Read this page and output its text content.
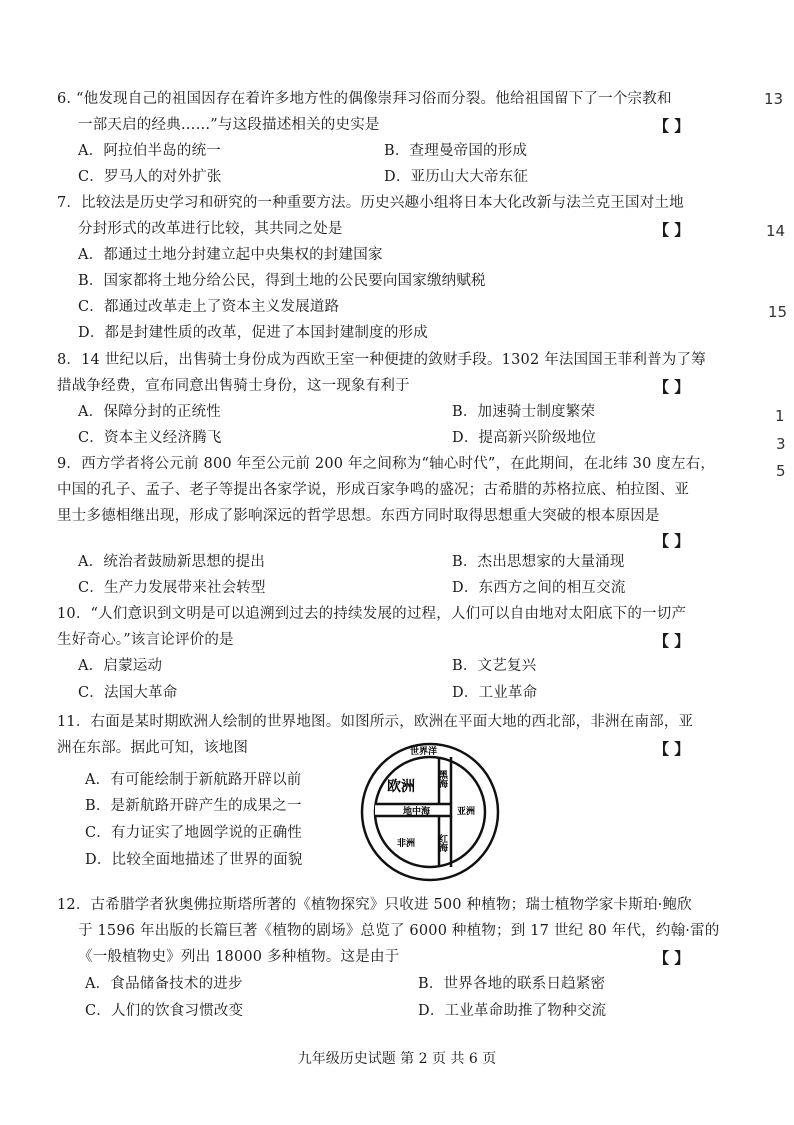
6. “他发现自己的祖国因存在着许多地方性的偶像崇拜习俗而分裂。他给祖国留下了一个宗教和
一部天启的经典……”与这段描述相关的史实是	【 】
A．阿拉伯半岛的统一	B．查理曼帝国的形成
C．罗马人的对外扩张	D．亚历山大大帝东征
7．比较法是历史学习和研究的一种重要方法。历史兴趣小组将日本大化改新与法兰克王国对土地
分封形式的改革进行比较，其共同之处是	【 】
A．都通过土地分封建立起中央集权的封建国家
B．国家都将土地分给公民，得到土地的公民要向国家缴纳赋税
C．都通过改革走上了资本主义发展道路
D．都是封建性质的改革，促进了本国封建制度的形成
8．14 世纪以后，出售骑士身份成为西欧王室一种便捷的敛财手段。1302 年法国国王菲利普为了筹
措战争经费，宣布同意出售骑士身份，这一现象有利于	【 】
A．保障分封的正统性	B．加速骑士制度繁荣
C．资本主义经济腾飞	D．提高新兴阶级地位
9．西方学者将公元前 800 年至公元前 200 年之间称为“轴心时代”，在此期间，在北纬 30 度左右，
中国的孔子、孟子、老子等提出各家学说，形成百家争鸣的盛况；古希腊的苏格拉底、柏拉图、亚
里士多德相继出现，形成了影响深远的哲学思想。东西方同时取得思想重大突破的根本原因是
【 】
A．统治者鼓励新思想的提出	B．杰出思想家的大量涌现
C．生产力发展带来社会转型	D．东西方之间的相互交流
10．“人们意识到文明是可以追溯到过去的持续发展的过程，人们可以自由地对太阳底下的一切产
生好奇心。”该言论评价的是	【 】
A．启蒙运动	B．文艺复兴
C．法国大革命	D．工业革命
11．右面是某时期欧洲人绘制的世界地图。如图所示，欧洲在平面大地的西北部，非洲在南部，亚
洲在东部。据此可知，该地图	【 】
A．有可能绘制于新航路开辟以前
B．是新航路开辟产生的成果之一
C．有力证实了地圆学说的正确性
D．比较全面地描述了世界的面貌
世界洋
欧洲 黑海
地中海	亚洲
非洲 红海
12．古希腊学者狄奥佛拉斯塔所著的《植物探究》只收进 500 种植物；瑞士植物学家卡斯珀·鲍欣
于 1596 年出版的长篇巨著《植物的剧场》总览了 6000 种植物；到 17 世纪 80 年代，约翰·雷的
《一般植物史》列出 18000 多种植物。这是由于	【 】
A．食品储备技术的进步	B．世界各地的联系日趋紧密
C．人们的饮食习惯改变	D．工业革命助推了物种交流
13
14
15
1
3
5
九年级历史试题 第 2 页 共 6 页
